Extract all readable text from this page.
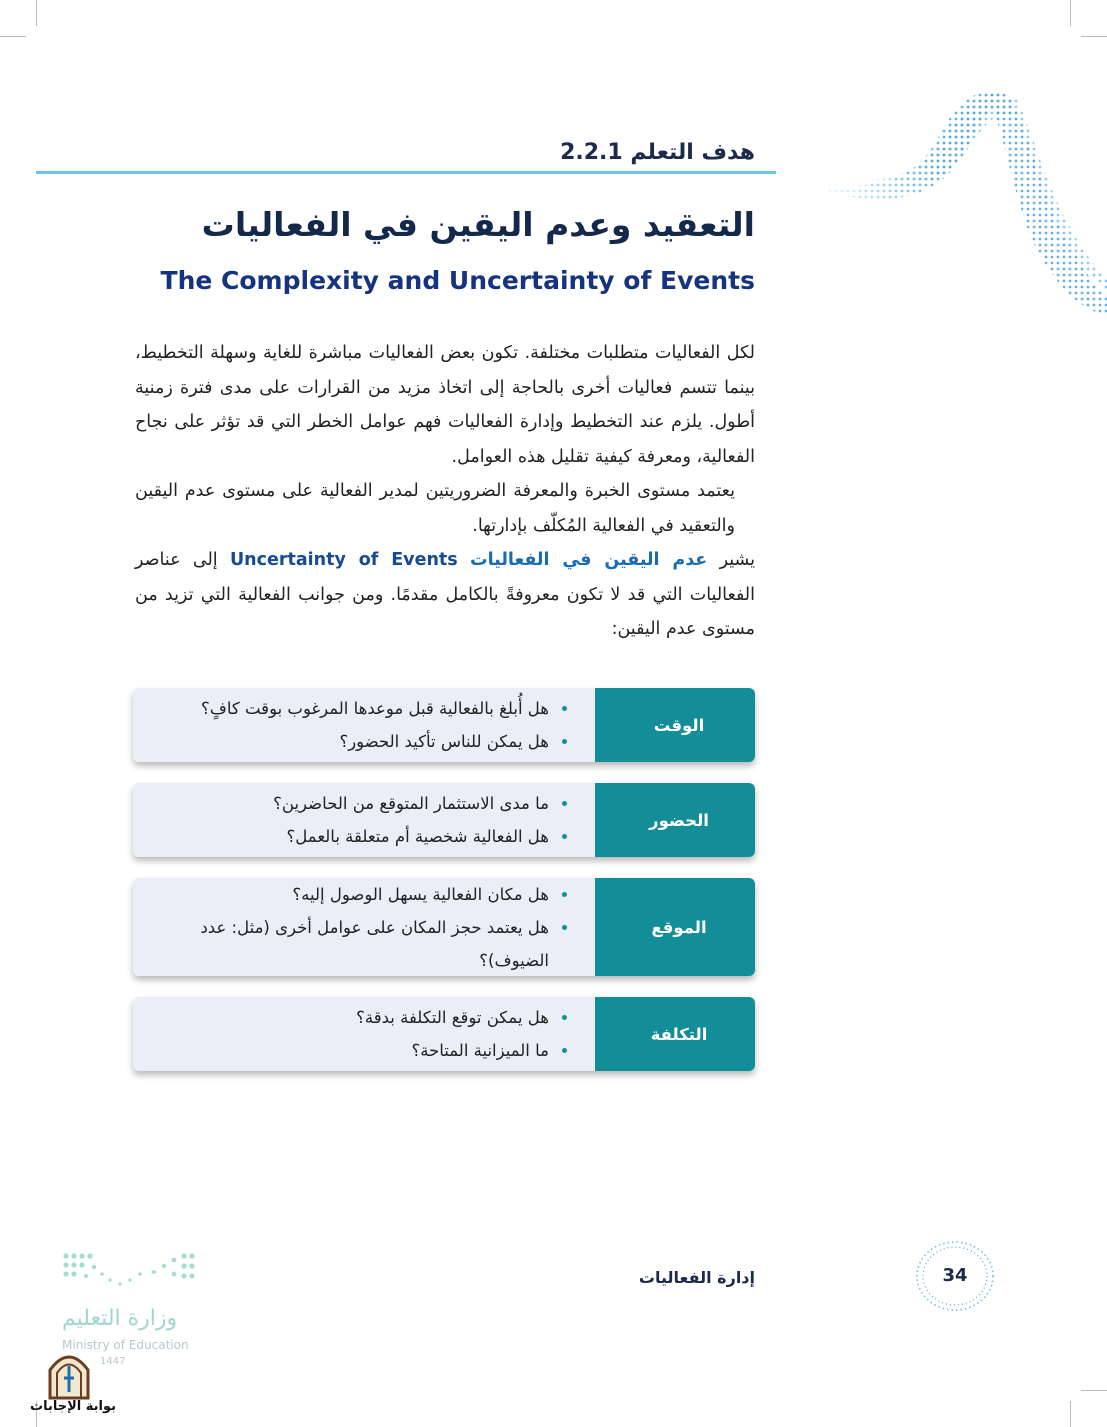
هدف التعلم 2.2.1
التعقيد وعدم اليقين في الفعاليات
The Complexity and Uncertainty of Events
لكل الفعاليات متطلبات مختلفة. تكون بعض الفعاليات مباشرة للغاية وسهلة التخطيط، بينما تتسم فعاليات أخرى بالحاجة إلى اتخاذ مزيد من القرارات على مدى فترة زمنية أطول. يلزم عند التخطيط وإدارة الفعاليات فهم عوامل الخطر التي قد تؤثر على نجاح الفعالية، ومعرفة كيفية تقليل هذه العوامل.
يعتمد مستوى الخبرة والمعرفة الضروريتين لمدير الفعالية على مستوى عدم اليقين والتعقيد في الفعالية المُكلّف بإدارتها.
يشير عدم اليقين في الفعاليات Uncertainty of Events إلى عناصر الفعاليات التي قد لا تكون معروفةً بالكامل مقدمًا. ومن جوانب الفعالية التي تزيد من مستوى عدم اليقين:
الوقت
هل أُبلغ بالفعالية قبل موعدها المرغوب بوقت كافٍ؟
هل يمكن للناس تأكيد الحضور؟
الحضور
ما مدى الاستثمار المتوقع من الحاضرين؟
هل الفعالية شخصية أم متعلقة بالعمل؟
الموقع
هل مكان الفعالية يسهل الوصول إليه؟
هل يعتمد حجز المكان على عوامل أخرى (مثل: عدد الضيوف)؟
التكلفة
هل يمكن توقع التكلفة بدقة؟
ما الميزانية المتاحة؟
إدارة الفعاليات	34
وزارة التعليم
Ministry of Education
1447
بوابة الإجابات
